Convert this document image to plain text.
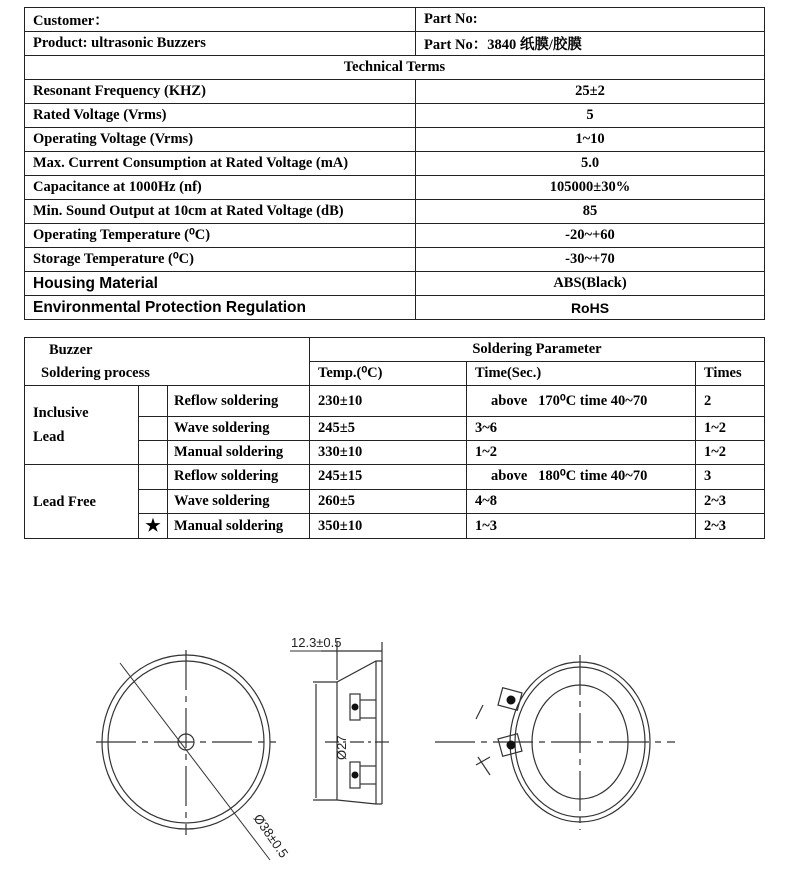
Customer：	Part No:
Product: ultrasonic Buzzers	Part No：3840 纸膜/胶膜
Technical Terms	
Resonant Frequency (KHZ)	25±2
Rated Voltage (Vrms)	5
Operating Voltage (Vrms)	1~10
Max. Current Consumption at Rated Voltage (mA)	5.0
Capacitance at 1000Hz (nf)	105000±30%
Min. Sound Output at 10cm at Rated Voltage (dB)	85
Operating Temperature (⁰C)	-20~+60
Storage Temperature (⁰C)	-30~+70
Housing Material	ABS(Black)
Environmental Protection Regulation	RoHS
Buzzer
Soldering process			Soldering Parameter		
			Temp.(⁰C)	Time(Sec.)	Times

Inclusive
Lead		Reflow soldering	230±10	above   170⁰C time 40~70	2
		Wave soldering	245±5	3~6	1~2
		Manual soldering	330±10	1~2	1~2

Lead Free		Reflow soldering	245±15	above   180⁰C time 40~70	3
		Wave soldering	260±5	4~8	2~3
	★	Manual soldering	350±10	1~3	2~3
12.3±0.5
Ø27
Ø38±0.5
